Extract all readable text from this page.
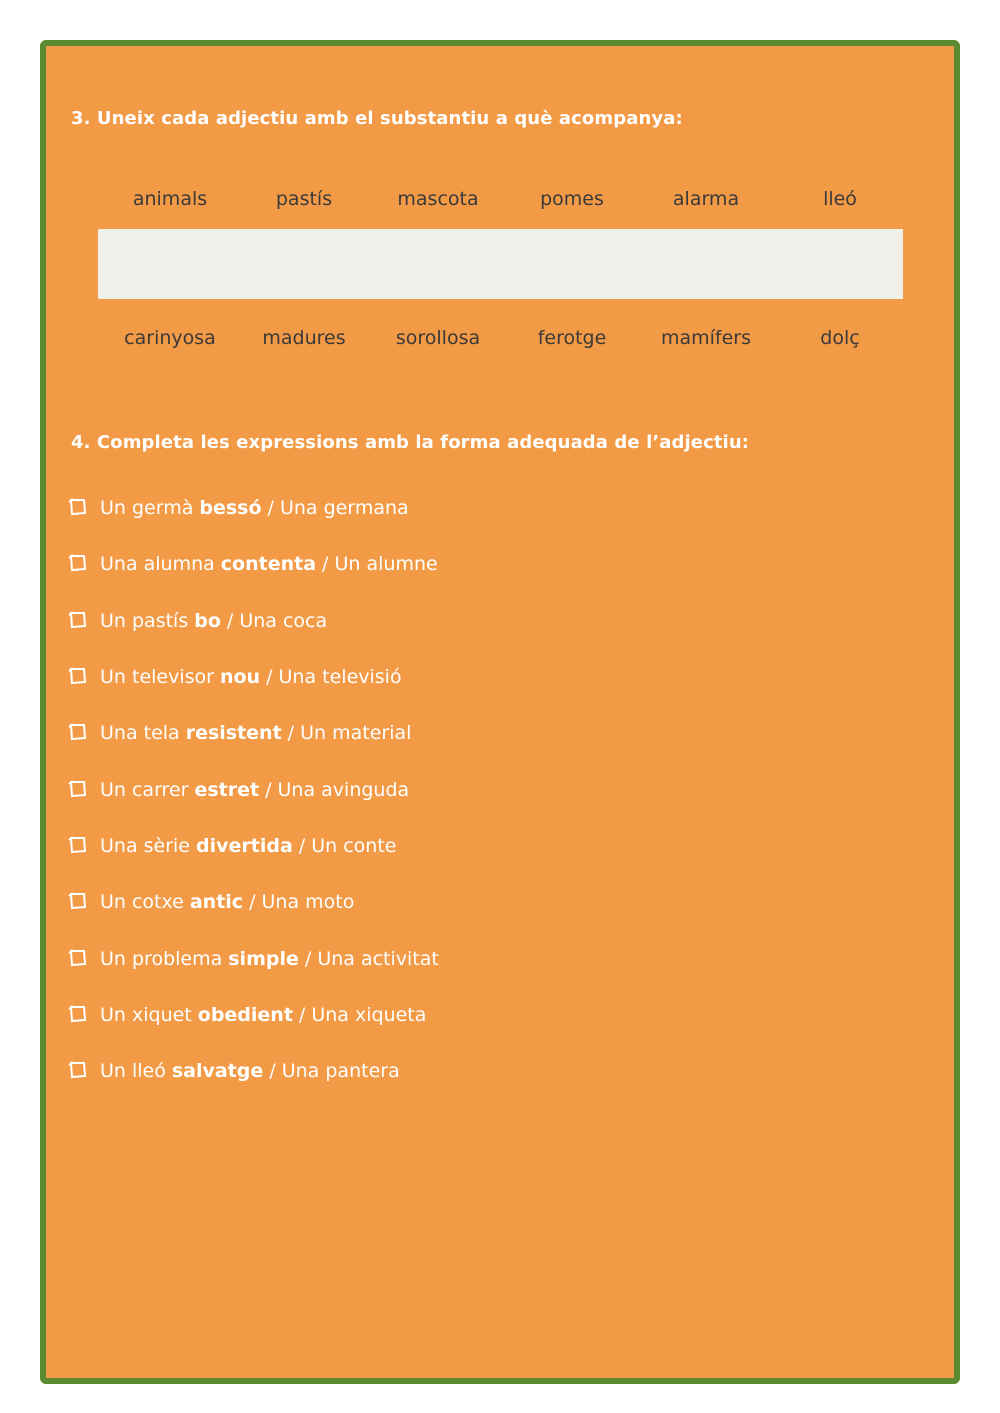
3. Uneix cada adjectiu amb el substantiu a què acompanya:

animals	pastís	mascota	pomes	alarma	lleó
carinyosa	madures	sorollosa	ferotge	mamífers	dolç

4. Completa les expressions amb la forma adequada de l’adjectiu:

Un germà bessó / Una germana
Una alumna contenta / Un alumne
Un pastís bo / Una coca
Un televisor nou / Una televisió
Una tela resistent / Un material
Un carrer estret / Una avinguda
Una sèrie divertida / Un conte
Un cotxe antic / Una moto
Un problema simple / Una activitat
Un xiquet obedient / Una xiqueta
Un lleó salvatge / Una pantera
